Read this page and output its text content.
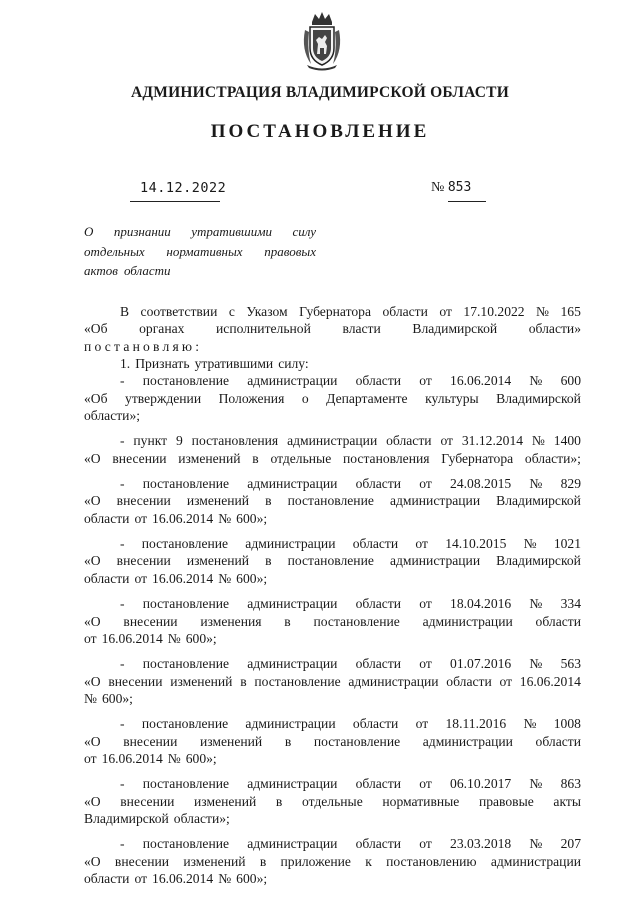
АДМИНИСТРАЦИЯ ВЛАДИМИРСКОЙ ОБЛАСТИ
ПОСТАНОВЛЕНИЕ
14.12.2022	№ 853
О признании утратившими силу
отдельных нормативных правовых
актов области
В соответствии с Указом Губернатора области от 17.10.2022 № 165
«Об органах исполнительной власти Владимирской области»
постановляю:
1. Признать утратившими силу:
- постановление администрации области от 16.06.2014 № 600
«Об утверждении Положения о Департаменте культуры Владимирской
области»;
- пункт 9 постановления администрации области от 31.12.2014 № 1400
«О внесении изменений в отдельные постановления Губернатора области»;
- постановление администрации области от 24.08.2015 № 829
«О внесении изменений в постановление администрации Владимирской
области от 16.06.2014 № 600»;
- постановление администрации области от 14.10.2015 № 1021
«О внесении изменений в постановление администрации Владимирской
области от 16.06.2014 № 600»;
- постановление администрации области от 18.04.2016 № 334
«О внесении изменения в постановление администрации области
от 16.06.2014 № 600»;
- постановление администрации области от 01.07.2016 № 563
«О внесении изменений в постановление администрации области от 16.06.2014
№ 600»;
- постановление администрации области от 18.11.2016 № 1008
«О внесении изменений в постановление администрации области
от 16.06.2014 № 600»;
- постановление администрации области от 06.10.2017 № 863
«О внесении изменений в отдельные нормативные правовые акты
Владимирской области»;
- постановление администрации области от 23.03.2018 № 207
«О внесении изменений в приложение к постановлению администрации
области от 16.06.2014 № 600»;
